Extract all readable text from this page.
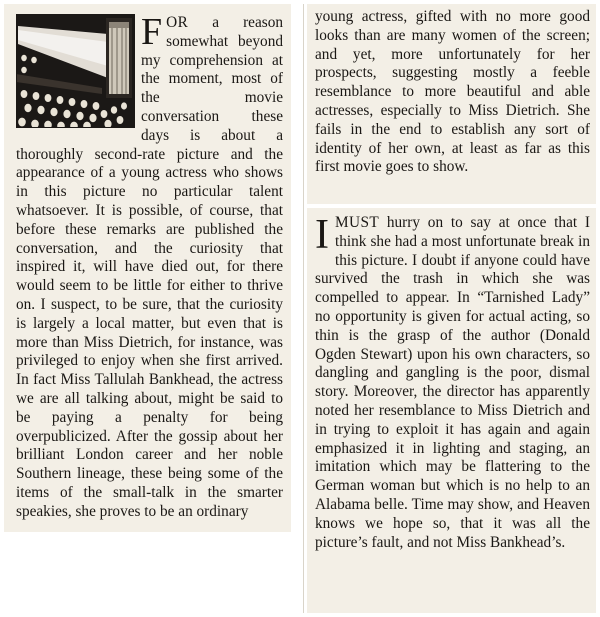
FOR a reason somewhat beyond my comprehension at the moment, most of the movie conversation these days is about a thoroughly second-rate picture and the appearance of a young actress who shows in this picture no particular talent whatsoever. It is possible, of course, that before these remarks are published the conversation, and the curiosity that inspired it, will have died out, for there would seem to be little for either to thrive on. I suspect, to be sure, that the curiosity is largely a local matter, but even that is more than Miss Dietrich, for instance, was privileged to enjoy when she first arrived. In fact Miss Tallulah Bankhead, the actress we are all talking about, might be said to be paying a penalty for being overpublicized. After the gossip about her brilliant London career and her noble Southern lineage, these being some of the items of the small-talk in the smarter speakies, she proves to be an ordinary

young actress, gifted with no more good looks than are many women of the screen; and yet, more unfortunately for her prospects, suggesting mostly a feeble resemblance to more beautiful and able actresses, especially to Miss Dietrich. She fails in the end to establish any sort of identity of her own, at least as far as this first movie goes to show.

IMUST hurry on to say at once that I think she had a most unfortunate break in this picture. I doubt if anyone could have survived the trash in which she was compelled to appear. In “Tarnished Lady” no opportunity is given for actual acting, so thin is the grasp of the author (Donald Ogden Stewart) upon his own characters, so dangling and gangling is the poor, dismal story. Moreover, the director has apparently noted her resemblance to Miss Dietrich and in trying to exploit it has again and again emphasized it in lighting and staging, an imitation which may be flattering to the German woman but which is no help to an Alabama belle. Time may show, and Heaven knows we hope so, that it was all the picture’s fault, and not Miss Bankhead’s.
